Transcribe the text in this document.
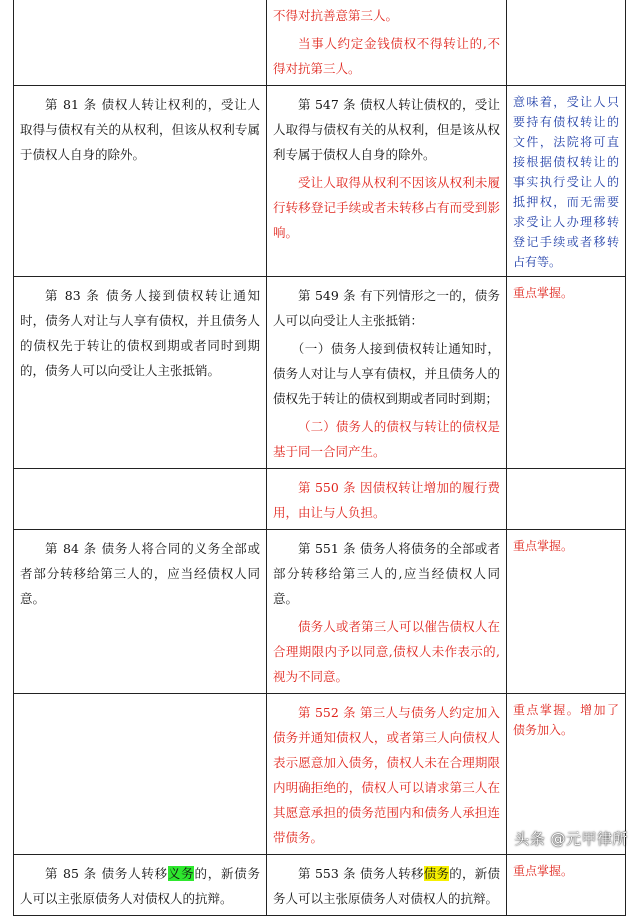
	不得对抗善意第三人。

当事人约定金钱债权不得转让的,不得对抗第三人。	

第 81 条 债权人转让权利的，受让人取得与债权有关的从权利，但该从权利专属于债权人自身的除外。	第 547 条 债权人转让债权的，受让人取得与债权有关的从权利，但是该从权利专属于债权人自身的除外。

受让人取得从权利不因该从权利未履行转移登记手续或者未转移占有而受到影响。	意味着，受让人只要持有债权转让的文件，法院将可直接根据债权转让的事实执行受让人的抵押权，而无需要求受让人办理移转登记手续或者移转占有等。

第 83 条 债务人接到债权转让通知时，债务人对让与人享有债权，并且债务人的债权先于转让的债权到期或者同时到期的，债务人可以向受让人主张抵销。	第 549 条 有下列情形之一的，债务人可以向受让人主张抵销：

（一）债务人接到债权转让通知时，债务人对让与人享有债权，并且债务人的债权先于转让的债权到期或者同时到期；

（二）债务人的债权与转让的债权是基于同一合同产生。	重点掌握。

	第 550 条 因债权转让增加的履行费用，由让与人负担。	

第 84 条 债务人将合同的义务全部或者部分转移给第三人的，应当经债权人同意。	第 551 条 债务人将债务的全部或者部分转移给第三人的,应当经债权人同意。

债务人或者第三人可以催告债权人在合理期限内予以同意,债权人未作表示的,视为不同意。	重点掌握。

	第 552 条 第三人与债务人约定加入债务并通知债权人，或者第三人向债权人表示愿意加入债务，债权人未在合理期限内明确拒绝的，债权人可以请求第三人在其愿意承担的债务范围内和债务人承担连带债务。	重点掌握。增加了债务加入。

第 85 条 债务人转移义务的，新债务人可以主张原债务人对债权人的抗辩。	第 553 条 债务人转移债务的，新债务人可以主张原债务人对债权人的抗辩。	重点掌握。

头条 @元甲律所
